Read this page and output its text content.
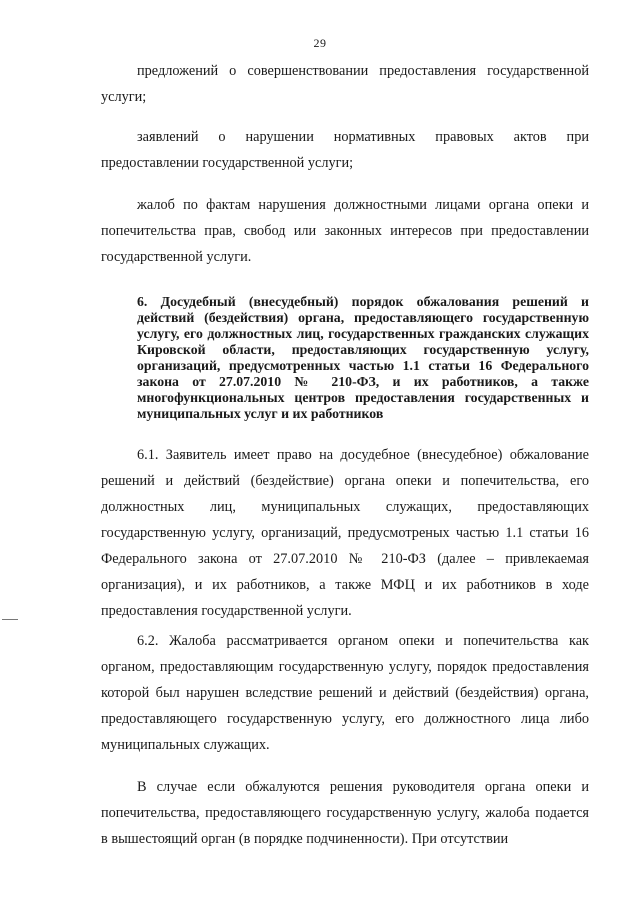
29

предложений о совершенствовании предоставления государственной услуги;

заявлений о нарушении нормативных правовых актов при предоставлении государственной услуги;

жалоб по фактам нарушения должностными лицами органа опеки и попечительства прав, свобод или законных интересов при предоставлении государственной услуги.

6. Досудебный (внесудебный) порядок обжалования решений и действий (бездействия) органа, предоставляющего государственную услугу, его должностных лиц, государственных гражданских служащих Кировской области, предоставляющих государственную услугу, организаций, предусмотренных частью 1.1 статьи 16 Федерального закона от 27.07.2010 № 210-ФЗ, и их работников, а также многофункциональных центров предоставления государственных и муниципальных услуг и их работников

6.1. Заявитель имеет право на досудебное (внесудебное) обжалование решений и действий (бездействие) органа опеки и попечительства, его должностных лиц, муниципальных служащих, предоставляющих государственную услугу, организаций, предусмотреных частью 1.1 статьи 16 Федерального закона от 27.07.2010 № 210-ФЗ (далее – привлекаемая организация), и их работников, а также МФЦ и их работников в ходе предоставления государственной услуги.

6.2. Жалоба рассматривается органом опеки и попечительства как органом, предоставляющим государственную услугу, порядок предоставления которой был нарушен вследствие решений и действий (бездействия) органа, предоставляющего государственную услугу, его должностного лица либо муниципальных служащих.

В случае если обжалуются решения руководителя органа опеки и попечительства, предоставляющего государственную услугу, жалоба подается в вышестоящий орган (в порядке подчиненности). При отсутствии
